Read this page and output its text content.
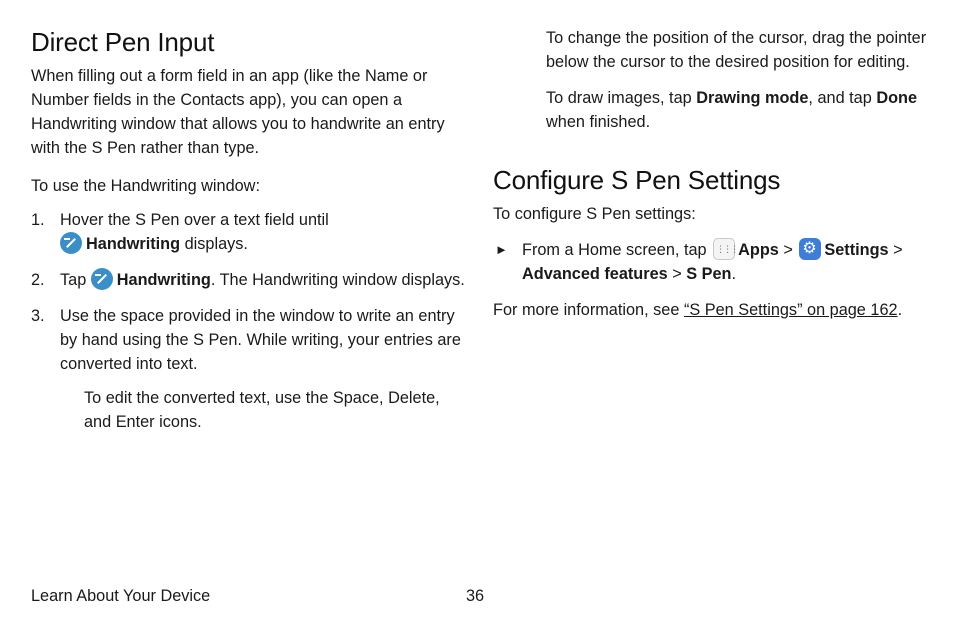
Direct Pen Input

When filling out a form field in an app (like the Name or Number fields in the Contacts app), you can open a Handwriting window that allows you to handwrite an entry with the S Pen rather than type.

To use the Handwriting window:

1. Hover the S Pen over a text field until
Handwriting displays.
2. Tap Handwriting. The Handwriting window displays.
3. Use the space provided in the window to write an entry by hand using the S Pen. While writing, your entries are converted into text.

To edit the converted text, use the Space, Delete, and Enter icons.

To change the position of the cursor, drag the pointer below the cursor to the desired position for editing.

To draw images, tap Drawing mode, and tap Done when finished.

Configure S Pen Settings

To configure S Pen settings:

► From a Home screen, tap ⋮⋮⋮Apps > ⚙Settings > Advanced features > S Pen.

For more information, see “S Pen Settings” on page 162.

Learn About Your Device	36
